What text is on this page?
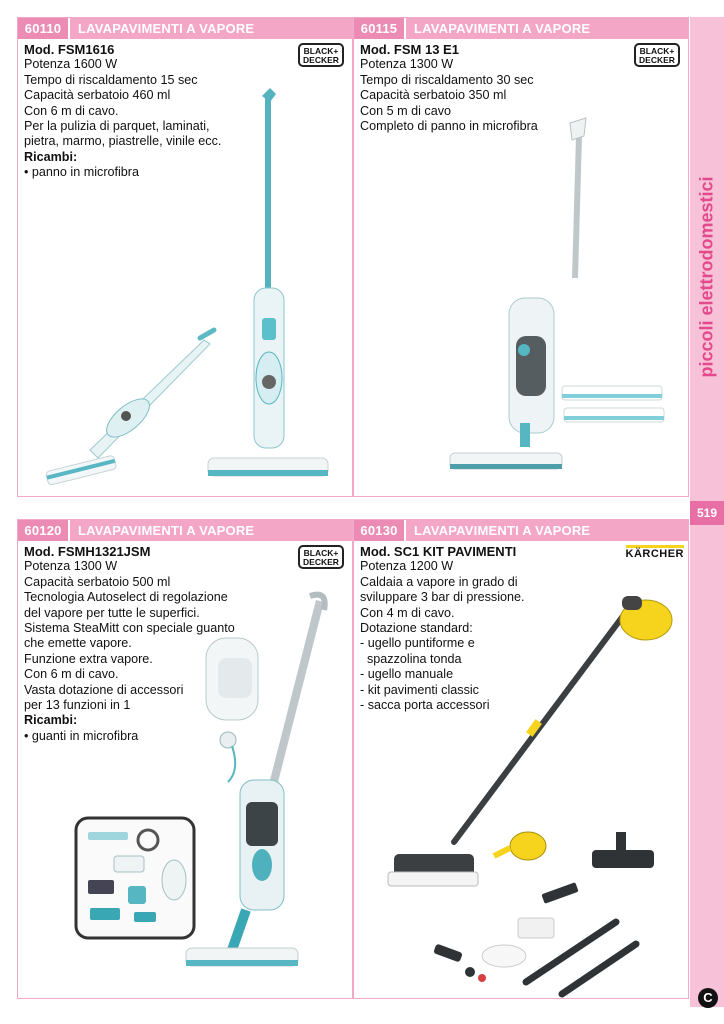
60110	LAVAPAVIMENTI A VAPORE
BLACK+ DECKER
Mod. FSM1616
Potenza 1600 W
Tempo di riscaldamento 15 sec
Capacità serbatoio 460 ml
Con 6 m di cavo.
Per la pulizia di parquet, laminati,
pietra, marmo, piastrelle, vinile ecc.
Ricambi:
• panno in microfibra
60115	LAVAPAVIMENTI A VAPORE
BLACK+ DECKER
Mod. FSM 13 E1
Potenza 1300 W
Tempo di riscaldamento 30 sec
Capacità serbatoio 350 ml
Con 5 m di cavo
Completo di panno in microfibra
60120	LAVAPAVIMENTI A VAPORE
BLACK+ DECKER
Mod. FSMH1321JSM
Potenza 1300 W
Capacità serbatoio 500 ml
Tecnologia Autoselect di regolazione
del vapore per tutte le superfici.
Sistema SteaMitt con speciale guanto
che emette vapore.
Funzione extra vapore.
Con 6 m di cavo.
Vasta dotazione di accessori
per 13 funzioni in 1
Ricambi:
• guanti in microfibra
60130	LAVAPAVIMENTI A VAPORE
KÄRCHER
Mod. SC1 KIT PAVIMENTI
Potenza 1200 W
Caldaia a vapore in grado di
sviluppare 3 bar di pressione.
Con 4 m di cavo.
Dotazione standard:
- ugello puntiforme e
spazzolina tonda
- ugello manuale
- kit pavimenti classic
- sacca porta accessori
piccoli elettrodomestici
519
C
